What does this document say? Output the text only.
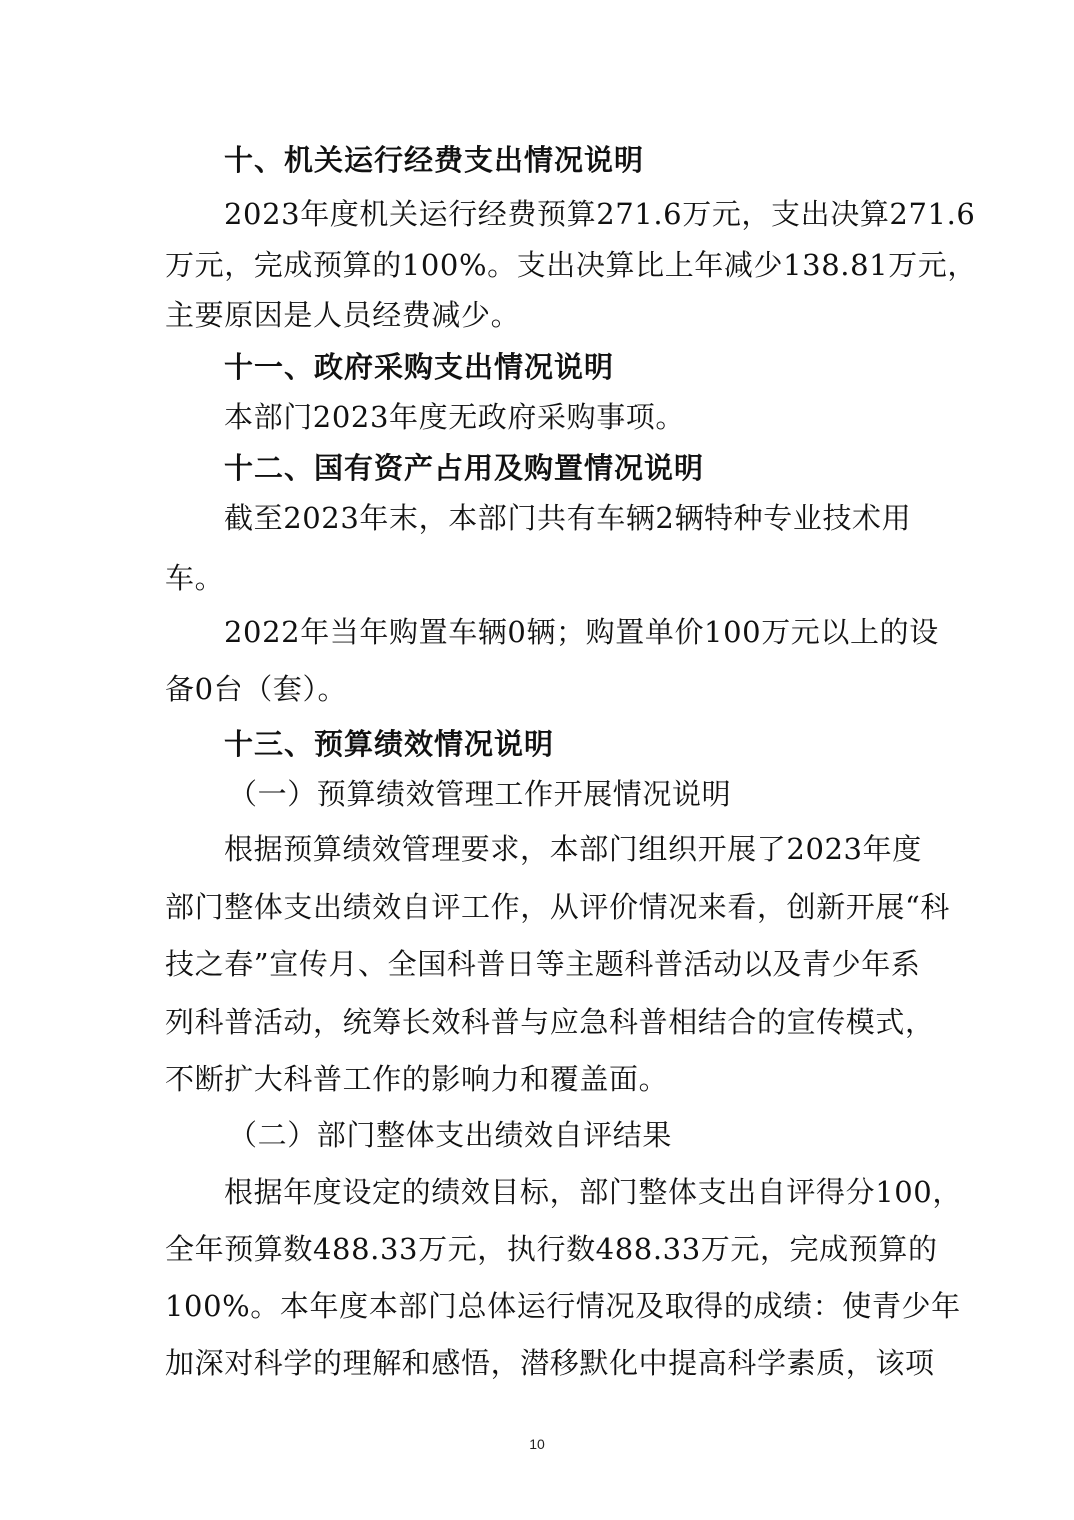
十、机关运行经费支出情况说明

2023年度机关运行经费预算271.6万元，支出决算271.6

万元，完成预算的100%。支出决算比上年减少138.81万元，

主要原因是人员经费减少。

十一、政府采购支出情况说明

本部门2023年度无政府采购事项。

十二、国有资产占用及购置情况说明

截至2023年末，本部门共有车辆2辆特种专业技术用

车。

2022年当年购置车辆0辆；购置单价100万元以上的设

备0台（套）。

十三、预算绩效情况说明

（一）预算绩效管理工作开展情况说明

根据预算绩效管理要求，本部门组织开展了2023年度

部门整体支出绩效自评工作，从评价情况来看，创新开展“科

技之春”宣传月、全国科普日等主题科普活动以及青少年系

列科普活动，统筹长效科普与应急科普相结合的宣传模式，

不断扩大科普工作的影响力和覆盖面。

（二）部门整体支出绩效自评结果

根据年度设定的绩效目标，部门整体支出自评得分100，

全年预算数488.33万元，执行数488.33万元，完成预算的

100%。本年度本部门总体运行情况及取得的成绩：使青少年

加深对科学的理解和感悟，潜移默化中提高科学素质，该项

10
